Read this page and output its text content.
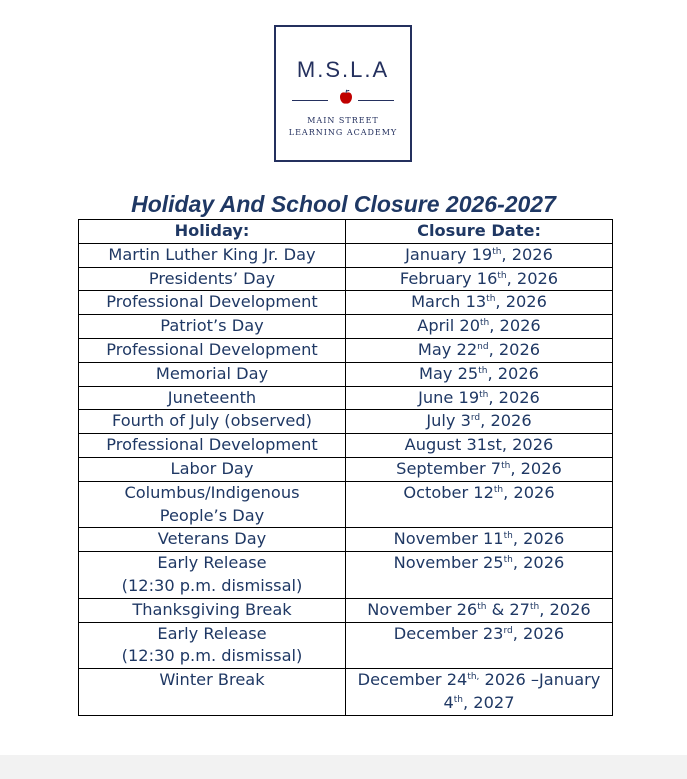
M.S.L.A
MAIN STREET
LEARNING ACADEMY
Holiday And School Closure 2026-2027
Holiday:	Closure Date:

Martin Luther King Jr. Day	January 19th, 2026

Presidents’ Day	February 16th, 2026

Professional Development	March 13th, 2026

Patriot’s Day	April 20th, 2026

Professional Development	May 22nd, 2026

Memorial Day	May 25th, 2026

Juneteenth	June 19th, 2026

Fourth of July (observed)	July 3rd, 2026

Professional Development	August 31st, 2026

Labor Day	September 7th, 2026

Columbus/Indigenous
People’s Day	October 12th, 2026

Veterans Day	November 11th, 2026

Early Release
(12:30 p.m. dismissal)	November 25th, 2026

Thanksgiving Break	November 26th & 27th, 2026

Early Release
(12:30 p.m. dismissal)	December 23rd, 2026

Winter Break	December $24^{th,}$ 2026 –January 4th, 2027
